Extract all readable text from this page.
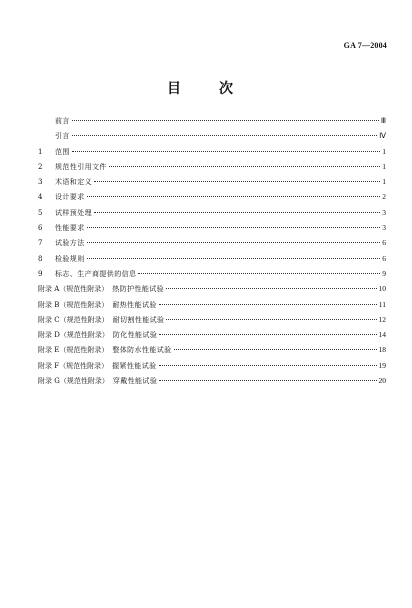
GA 7—2004
目　次
前言	Ⅲ
引言	Ⅳ
1	范围	1
2	规范性引用文件	1
3	术语和定义	1
4	设计要求	2
5	试样预处理	3
6	性能要求	3
7	试验方法	6
8	检验规则	6
9	标志、生产商提供的信息	9
附录 A（规范性附录） 热防护性能试验	10
附录 B（规范性附录） 耐热性能试验	11
附录 C（规范性附录） 耐切割性能试验	12
附录 D（规范性附录） 防化性能试验	14
附录 E（规范性附录） 整体防水性能试验	18
附录 F（规范性附录） 握紧性能试验	19
附录 G（规范性附录） 穿戴性能试验	20
